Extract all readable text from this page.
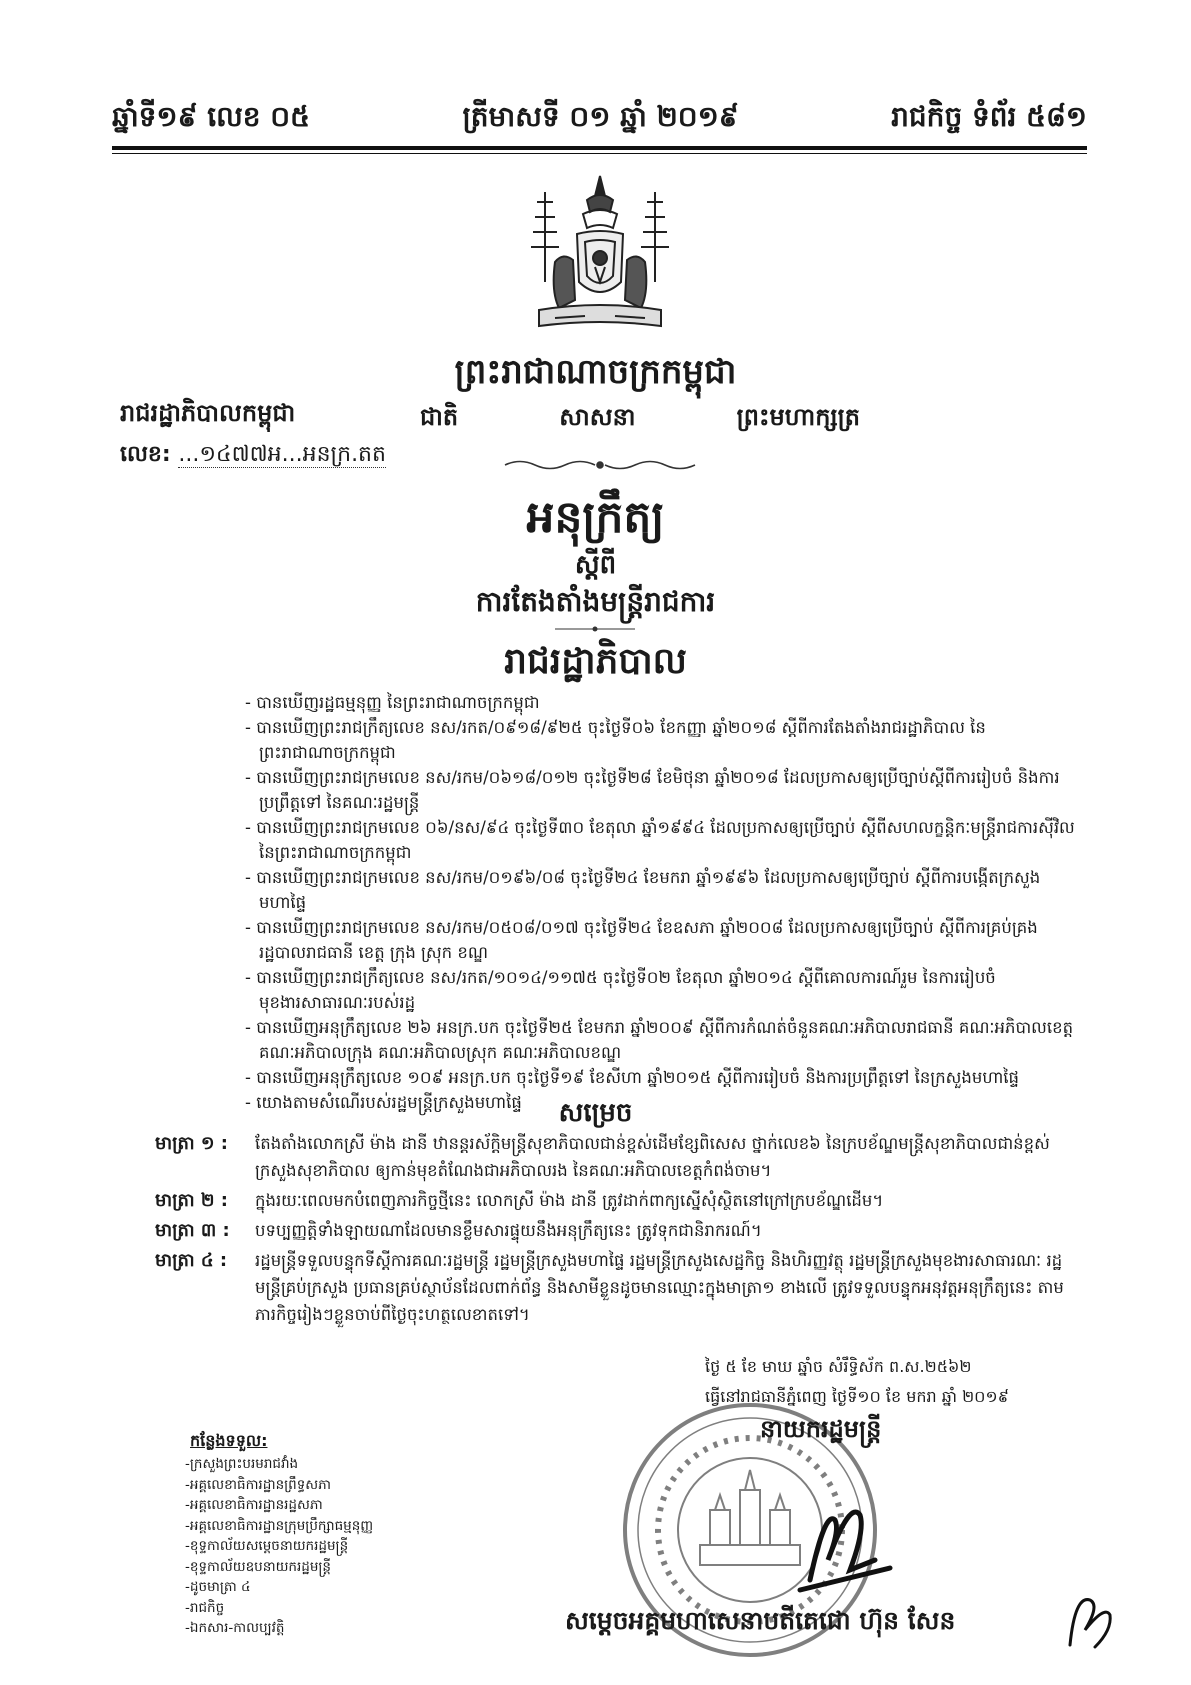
ឆ្នាំទី១៩ លេខ ០៥	ត្រីមាសទី ០១ ឆ្នាំ ២០១៩	រាជកិច្ច ទំព័រ ៥៨១
ព្រះរាជាណាចក្រកម្ពុជា
រាជរដ្ឋាភិបាលកម្ពុជា	ជាតិ	សាសនា	ព្រះមហាក្សត្រ
លេខ: ...១៤៧៧អ...អនក្រ.តត
អនុក្រឹត្យ
ស្តីពី
ការតែងតាំងមន្ត្រីរាជការ
រាជរដ្ឋាភិបាល

- បានឃើញរដ្ឋធម្មនុញ្ញ នៃព្រះរាជាណាចក្រកម្ពុជា

- បានឃើញព្រះរាជក្រឹត្យលេខ នស/រកត/០៩១៨/៩២៥ ចុះថ្ងៃទី០៦ ខែកញ្ញា ឆ្នាំ២០១៨ ស្តីពីការតែងតាំងរាជរដ្ឋាភិបាល នៃព្រះរាជាណាចក្រកម្ពុជា

- បានឃើញព្រះរាជក្រមលេខ នស/រកម/០៦១៨/០១២ ចុះថ្ងៃទី២៨ ខែមិថុនា ឆ្នាំ២០១៨ ដែលប្រកាសឲ្យប្រើច្បាប់ស្តីពីការរៀបចំ និងការប្រព្រឹត្តទៅ នៃគណៈរដ្ឋមន្ត្រី

- បានឃើញព្រះរាជក្រមលេខ ០៦/នស/៩៤ ចុះថ្ងៃទី៣០ ខែតុលា ឆ្នាំ១៩៩៤ ដែលប្រកាសឲ្យប្រើច្បាប់ ស្តីពីសហលក្ខន្តិកៈមន្ត្រីរាជការស៊ីវិល នៃព្រះរាជាណាចក្រកម្ពុជា

- បានឃើញព្រះរាជក្រមលេខ នស/រកម/០១៩៦/០៨ ចុះថ្ងៃទី២៤ ខែមករា ឆ្នាំ១៩៩៦ ដែលប្រកាសឲ្យប្រើច្បាប់ ស្តីពីការបង្កើតក្រសួងមហាផ្ទៃ

- បានឃើញព្រះរាជក្រមលេខ នស/រកម/០៥០៨/០១៧ ចុះថ្ងៃទី២៤ ខែឧសភា ឆ្នាំ២០០៨ ដែលប្រកាសឲ្យប្រើច្បាប់ ស្តីពីការគ្រប់គ្រងរដ្ឋបាលរាជធានី ខេត្ត ក្រុង ស្រុក ខណ្ឌ

- បានឃើញព្រះរាជក្រឹត្យលេខ នស/រកត/១០១៤/១១៧៥ ចុះថ្ងៃទី០២ ខែតុលា ឆ្នាំ២០១៤ ស្តីពីគោលការណ៍រួម នៃការរៀបចំមុខងារសាធារណៈរបស់រដ្ឋ

- បានឃើញអនុក្រឹត្យលេខ ២៦ អនក្រ.បក ចុះថ្ងៃទី២៥ ខែមករា ឆ្នាំ២០០៩ ស្តីពីការកំណត់ចំនួនគណៈអភិបាលរាជធានី គណៈអភិបាលខេត្ត គណៈអភិបាលក្រុង គណៈអភិបាលស្រុក គណៈអភិបាលខណ្ឌ

- បានឃើញអនុក្រឹត្យលេខ ១០៩ អនក្រ.បក ចុះថ្ងៃទី១៩ ខែសីហា ឆ្នាំ២០១៥ ស្តីពីការរៀបចំ និងការប្រព្រឹត្តទៅ នៃក្រសួងមហាផ្ទៃ

- យោងតាមសំណើរបស់រដ្ឋមន្ត្រីក្រសួងមហាផ្ទៃ	សម្រេច
មាត្រា ១ :	តែងតាំងលោកស្រី ម៉ាង ដានី ឋានន្តរស័ក្តិមន្ត្រីសុខាភិបាលជាន់ខ្ពស់ដើមខ្សែពិសេស ថ្នាក់លេខ៦ នៃក្របខ័ណ្ឌមន្ត្រីសុខាភិបាលជាន់ខ្ពស់ ក្រសួងសុខាភិបាល ឲ្យកាន់មុខតំណែងជាអភិបាលរង នៃគណៈអភិបាលខេត្តកំពង់ចាម។
មាត្រា ២ :	ក្នុងរយៈពេលមកបំពេញភារកិច្ចថ្មីនេះ លោកស្រី ម៉ាង ដានី ត្រូវដាក់ពាក្យស្នើសុំស្ថិតនៅក្រៅក្របខ័ណ្ឌដើម។
មាត្រា ៣ :	បទប្បញ្ញត្តិទាំងឡាយណាដែលមានខ្លឹមសារផ្ទុយនឹងអនុក្រឹត្យនេះ ត្រូវទុកជានិរាករណ៍។
មាត្រា ៤ :	រដ្ឋមន្ត្រីទទួលបន្ទុកទីស្តីការគណៈរដ្ឋមន្ត្រី រដ្ឋមន្ត្រីក្រសួងមហាផ្ទៃ រដ្ឋមន្ត្រីក្រសួងសេដ្ឋកិច្ច និងហិរញ្ញវត្ថុ រដ្ឋមន្ត្រីក្រសួងមុខងារសាធារណៈ រដ្ឋមន្ត្រីគ្រប់ក្រសួង ប្រធានគ្រប់ស្ថាប័នដែលពាក់ព័ន្ធ និងសាមីខ្លួនដូចមានឈ្មោះក្នុងមាត្រា១ ខាងលើ ត្រូវទទួលបន្ទុកអនុវត្តអនុក្រឹត្យនេះ តាមភារកិច្ចរៀងៗខ្លួនចាប់ពីថ្ងៃចុះហត្ថលេខាតទៅ។
ថ្ងៃ ៥ ខែ មាឃ ឆ្នាំច សំរឹទ្ធិស័ក ព.ស.២៥៦២
ធ្វើនៅរាជធានីភ្នំពេញ ថ្ងៃទី១០ ខែ មករា ឆ្នាំ ២០១៩
នាយករដ្ឋមន្ត្រី
កន្លែងទទួល:
- ក្រសួងព្រះបរមរាជវាំង
- អគ្គលេខាធិការដ្ឋានព្រឹទ្ធសភា
- អគ្គលេខាធិការដ្ឋានរដ្ឋសភា
- អគ្គលេខាធិការដ្ឋានក្រុមប្រឹក្សាធម្មនុញ្ញ
- ខុទ្ទកាល័យសម្តេចនាយករដ្ឋមន្ត្រី
- ខុទ្ទកាល័យឧបនាយករដ្ឋមន្ត្រី
- ដូចមាត្រា ៤
- រាជកិច្ច
- ឯកសារ-កាលប្បវត្តិ	សម្តេចអគ្គមហាសេនាបតីតេជោ ហ៊ុន សែន
